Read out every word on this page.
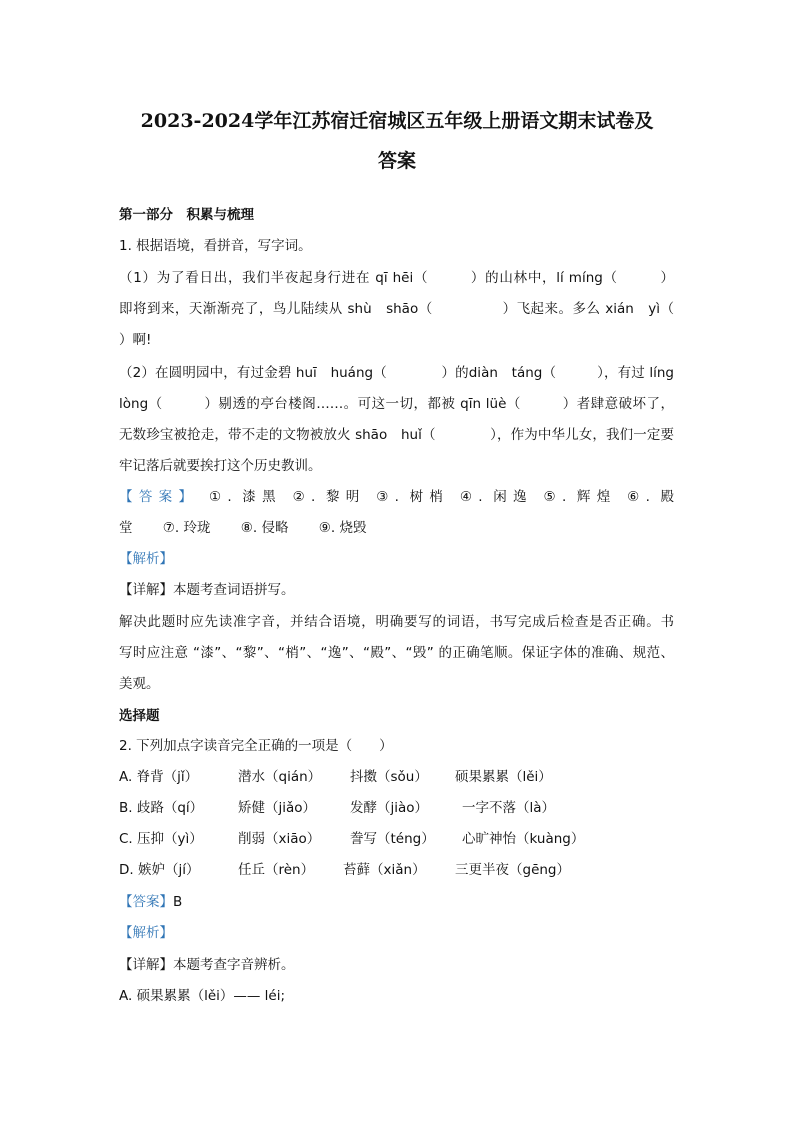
2023-2024学年江苏宿迁宿城区五年级上册语文期末试卷及
答案
第一部分　积累与梳理
1. 根据语境，看拼音，写字词。
（1）为了看日出，我们半夜起身行进在 qī hēi（　　　）的山林中，lí míng（　　　）
即将到来，天渐渐亮了，鸟儿陆续从 shù　shāo（　　　　　）飞起来。多么 xián　yì（
）啊!
（2）在圆明园中，有过金碧 huī　huáng（　　　　）的diàn　táng（　　　），有过 líng
lòng（　　　）剔透的亭台楼阁……。可这一切，都被 qīn lüè（　　　）者肆意破坏了，
无数珍宝被抢走，带不走的文物被放火 shāo　huǐ（　　　　），作为中华儿女，我们一定要
牢记落后就要挨打这个历史教训。
【答案】 ①. 漆黑 ②. 黎明 ③. 树梢 ④. 闲逸 ⑤. 辉煌 ⑥. 殿
堂 ⑦. 玲珑 ⑧. 侵略 ⑨. 烧毁
【解析】
【详解】本题考查词语拼写。
解决此题时应先读准字音，并结合语境，明确要写的词语，书写完成后检查是否正确。书
写时应注意 “漆”、“黎”、“梢”、“逸”、“殿”、“毁” 的正确笔顺。保证字体的准确、规范、
美观。
选择题
2. 下列加点字读音完全正确的一项是（　　）
A. 脊背（jǐ）	潜水（qián） 抖擞（sǒu） 硕果累累（lěi）
B. 歧路（qí）	矫健（jiǎo）	发酵（jiào）	一字不落（là）
C. 压抑（yì）	削弱（xiāo） 誊写（téng） 心旷神怡（kuàng）
D. 嫉妒（jí）	任丘（rèn） 苔藓（xiǎn） 三更半夜（gēng）
【答案】B
【解析】
【详解】本题考查字音辨析。
A. 硕果累累（lěi）—— léi;
